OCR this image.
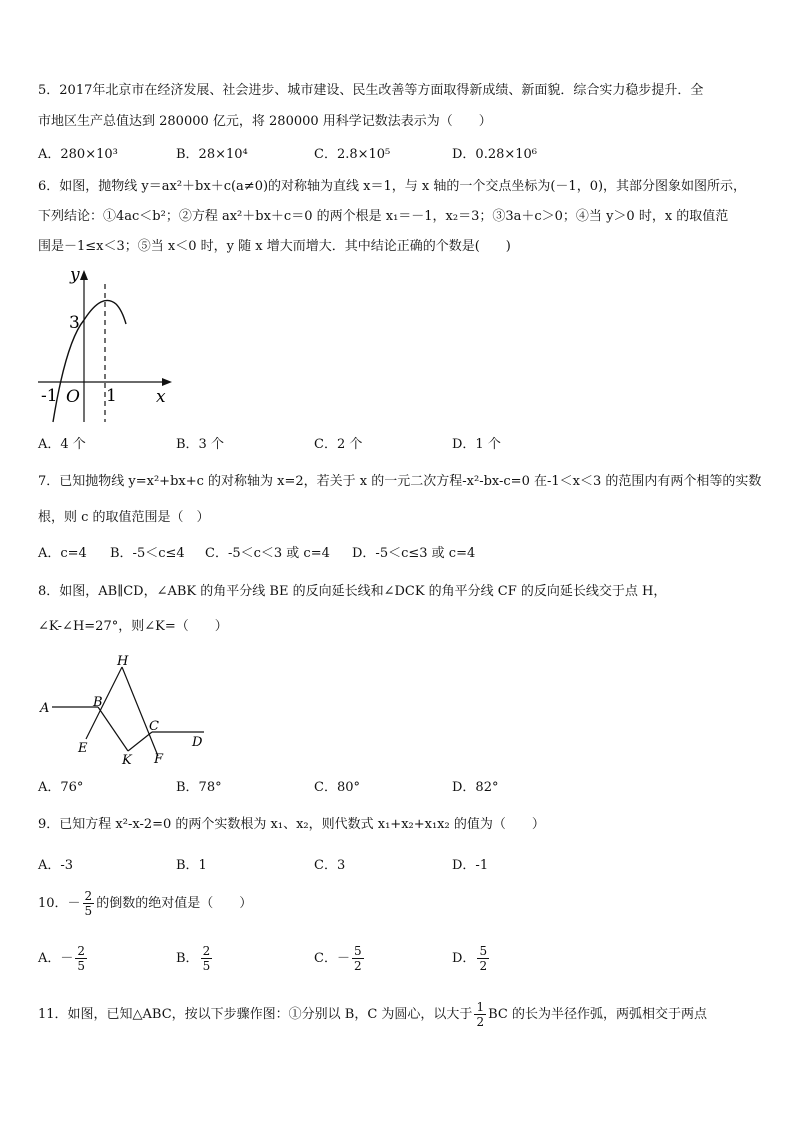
5．2017年北京市在经济发展、社会进步、城市建设、民生改善等方面取得新成绩、新面貌．综合实力稳步提升．全
市地区生产总值达到 280000 亿元，将 280000 用科学记数法表示为（　　）
A．280×10³	B．28×10⁴	C．2.8×10⁵	D．0.28×10⁶
6．如图，抛物线 y＝ax²＋bx＋c(a≠0)的对称轴为直线 x＝1，与 x 轴的一个交点坐标为(－1，0)，其部分图象如图所示，
下列结论：①4ac＜b²；②方程 ax²＋bx＋c＝0 的两个根是 x₁＝－1，x₂＝3；③3a＋c＞0；④当 y＞0 时，x 的取值范
围是－1≤x＜3；⑤当 x＜0 时，y 随 x 增大而增大．其中结论正确的个数是(　　)
y
x
3
-1 O 1
A．4 个	B．3 个	C．2 个	D．1 个
7．已知抛物线 y=x²+bx+c 的对称轴为 x=2，若关于 x 的一元二次方程-x²-bx-c=0 在-1＜x＜3 的范围内有两个相等的实数
根，则 c 的取值范围是（　）
A．c=4 B．-5＜c≤4 C．-5＜c＜3 或 c=4 D．-5＜c≤3 或 c=4
8．如图，AB∥CD，∠ABK 的角平分线 BE 的反向延长线和∠DCK 的角平分线 CF 的反向延长线交于点 H，
∠K-∠H=27°，则∠K=（　　）
A	B
C
D
E
F
H
K
A．76°	B．78°	C．80°	D．82°
9．已知方程 x²-x-2=0 的两个实数根为 x₁、x₂，则代数式 x₁+x₂+x₁x₂ 的值为（　　）
A．-3	B．1	C．3	D．-1
10．－ $\frac{2}{5}$ 的倒数的绝对值是（　　）
A．－ $\frac{2}{5}$	B． $\frac{2}{5}$	C．－ $\frac{5}{2}$	D． $\frac{5}{2}$
11．如图，已知△ABC，按以下步骤作图：①分别以 B，C 为圆心，以大于 $\frac{1}{2}$ BC 的长为半径作弧，两弧相交于两点
